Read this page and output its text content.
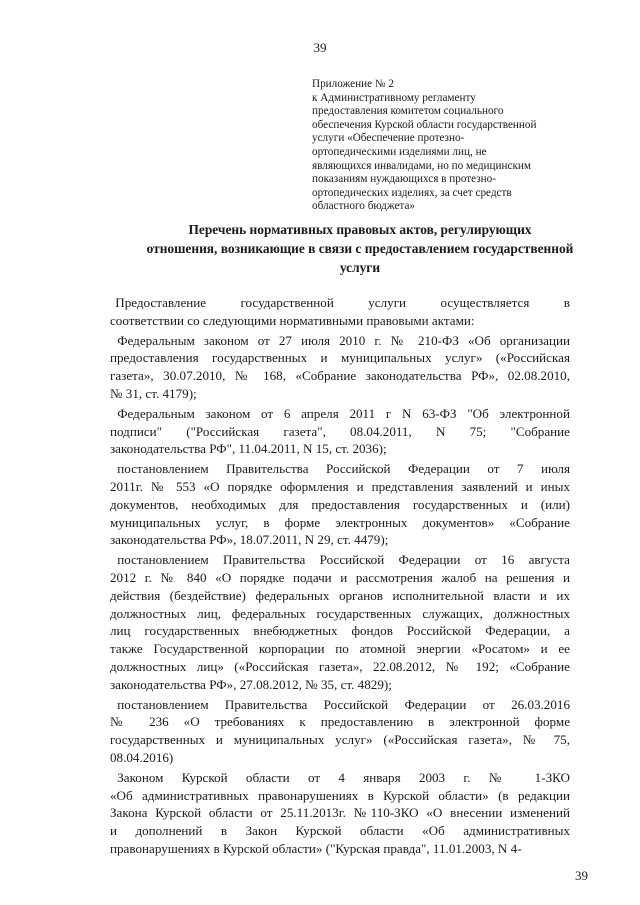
39
Приложение № 2
к Административному регламенту
предоставления комитетом социального
обеспечения Курской области государственной
услуги «Обеспечение протезно-
ортопедическими изделиями лиц, не
являющихся инвалидами, но по медицинским
показаниям нуждающихся в протезно-
ортопедических изделиях, за счет средств
областного бюджета»
Перечень нормативных правовых актов, регулирующих
отношения, возникающие в связи с предоставлением государственной
услуги

Предоставление государственной услуги осуществляется в
соответствии со следующими нормативными правовыми актами:

Федеральным законом от 27 июля 2010 г. № 210-ФЗ «Об организации
предоставления государственных и муниципальных услуг» («Российская
газета», 30.07.2010, № 168, «Собрание законодательства РФ», 02.08.2010,
№ 31, ст. 4179);

Федеральным законом от 6 апреля 2011 г N 63-ФЗ "Об электронной
подписи" ("Российская газета", 08.04.2011, N 75; "Собрание
законодательства РФ", 11.04.2011, N 15, ст. 2036);

постановлением Правительства Российской Федерации от 7 июля
2011г. № 553 «О порядке оформления и представления заявлений и иных
документов, необходимых для предоставления государственных и (или)
муниципальных услуг, в форме электронных документов» «Собрание
законодательства РФ», 18.07.2011, N 29, ст. 4479);

постановлением Правительства Российской Федерации от 16 августа
2012 г. № 840 «О порядке подачи и рассмотрения жалоб на решения и
действия (бездействие) федеральных органов исполнительной власти и их
должностных лиц, федеральных государственных служащих, должностных
лиц государственных внебюджетных фондов Российской Федерации, а
также Государственной корпорации по атомной энергии «Росатом» и ее
должностных лиц» («Российская газета», 22.08.2012, № 192; «Собрание
законодательства РФ», 27.08.2012, № 35, ст. 4829);

постановлением Правительства Российской Федерации от 26.03.2016
№ 236 «О требованиях к предоставлению в электронной форме
государственных и муниципальных услуг» («Российская газета», № 75,
08.04.2016)

Законом Курской области от 4 января 2003 г. № 1-ЗКО
«Об административных правонарушениях в Курской области» (в редакции
Закона Курской области от 25.11.2013г. №110-ЗКО «О внесении изменений
и дополнений в Закон Курской области «Об административных
правонарушениях в Курской области» ("Курская правда", 11.01.2003, N 4-

39
